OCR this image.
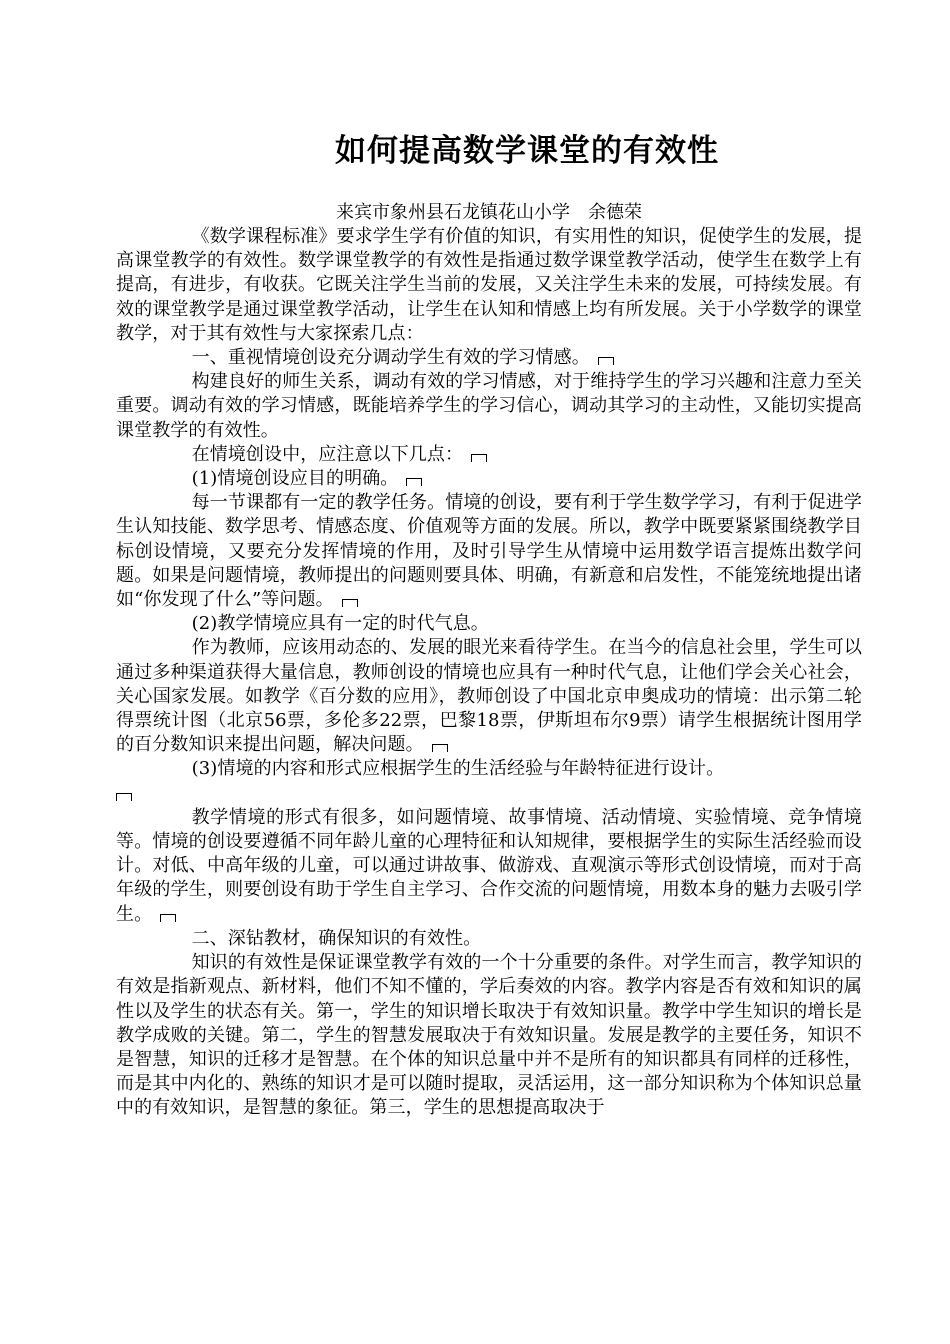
如何提高数学课堂的有效性
来宾市象州县石龙镇花山小学　余德荣

《数学课程标准》要求学生学有价值的知识，有实用性的知识，促使学生的发展，提高课堂教学的有效性。数学课堂教学的有效性是指通过数学课堂教学活动，使学生在数学上有提高，有进步，有收获。它既关注学生当前的发展，又关注学生未来的发展，可持续发展。有效的课堂教学是通过课堂教学活动，让学生在认知和情感上均有所发展。关于小学数学的课堂教学，对于其有效性与大家探索几点：

一、重视情境创设充分调动学生有效的学习情感。

构建良好的师生关系，调动有效的学习情感，对于维持学生的学习兴趣和注意力至关重要。调动有效的学习情感，既能培养学生的学习信心，调动其学习的主动性，又能切实提高课堂教学的有效性。

在情境创设中，应注意以下几点：

(1)情境创设应目的明确。

每一节课都有一定的教学任务。情境的创设，要有利于学生数学学习，有利于促进学生认知技能、数学思考、情感态度、价值观等方面的发展。所以，教学中既要紧紧围绕教学目标创设情境，又要充分发挥情境的作用，及时引导学生从情境中运用数学语言提炼出数学问题。如果是问题情境，教师提出的问题则要具体、明确，有新意和启发性，不能笼统地提出诸如“你发现了什么”等问题。

(2)教学情境应具有一定的时代气息。

作为教师，应该用动态的、发展的眼光来看待学生。在当今的信息社会里，学生可以通过多种渠道获得大量信息，教师创设的情境也应具有一种时代气息，让他们学会关心社会，关心国家发展。如教学《百分数的应用》，教师创设了中国北京申奥成功的情境：出示第二轮得票统计图（北京56票，多伦多22票，巴黎18票，伊斯坦布尔9票）请学生根据统计图用学的百分数知识来提出问题，解决问题。

(3)情境的内容和形式应根据学生的生活经验与年龄特征进行设计。

教学情境的形式有很多，如问题情境、故事情境、活动情境、实验情境、竞争情境等。情境的创设要遵循不同年龄儿童的心理特征和认知规律，要根据学生的实际生活经验而设计。对低、中高年级的儿童，可以通过讲故事、做游戏、直观演示等形式创设情境，而对于高年级的学生，则要创设有助于学生自主学习、合作交流的问题情境，用数本身的魅力去吸引学生。

二、深钻教材，确保知识的有效性。

知识的有效性是保证课堂教学有效的一个十分重要的条件。对学生而言，教学知识的有效是指新观点、新材料，他们不知不懂的，学后奏效的内容。教学内容是否有效和知识的属性以及学生的状态有关。第一，学生的知识增长取决于有效知识量。教学中学生知识的增长是教学成败的关键。第二，学生的智慧发展取决于有效知识量。发展是教学的主要任务，知识不是智慧，知识的迁移才是智慧。在个体的知识总量中并不是所有的知识都具有同样的迁移性，而是其中内化的、熟练的知识才是可以随时提取，灵活运用，这一部分知识称为个体知识总量中的有效知识，是智慧的象征。第三，学生的思想提高取决于
